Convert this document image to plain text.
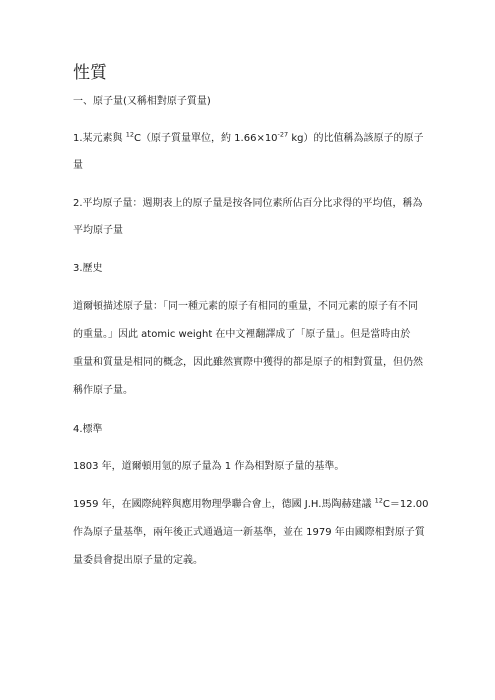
性質
一、原子量(又稱相對原子質量)
1.某元素與 $^{12}$C（原子質量單位，約 $1.66\times 10^{-27}$ kg）的比值稱為該原子的原子
量
2.平均原子量：週期表上的原子量是按各同位素所佔百分比求得的平均值，稱為
平均原子量
3.歷史
道爾頓描述原子量：「同一種元素的原子有相同的重量，不同元素的原子有不同
的重量。」因此 atomic weight 在中文裡翻譯成了「原子量」。但是當時由於
重量和質量是相同的概念，因此雖然實際中獲得的都是原子的相對質量，但仍然
稱作原子量。
4.標準
1803 年，道爾頓用氫的原子量為 1 作為相對原子量的基準。
1959 年，在國際純粹與應用物理學聯合會上，德國 J.H.馬陶赫建議 $^{12}$C＝12.00
作為原子量基準，兩年後正式通過這一新基準，並在 1979 年由國際相對原子質
量委員會提出原子量的定義。
